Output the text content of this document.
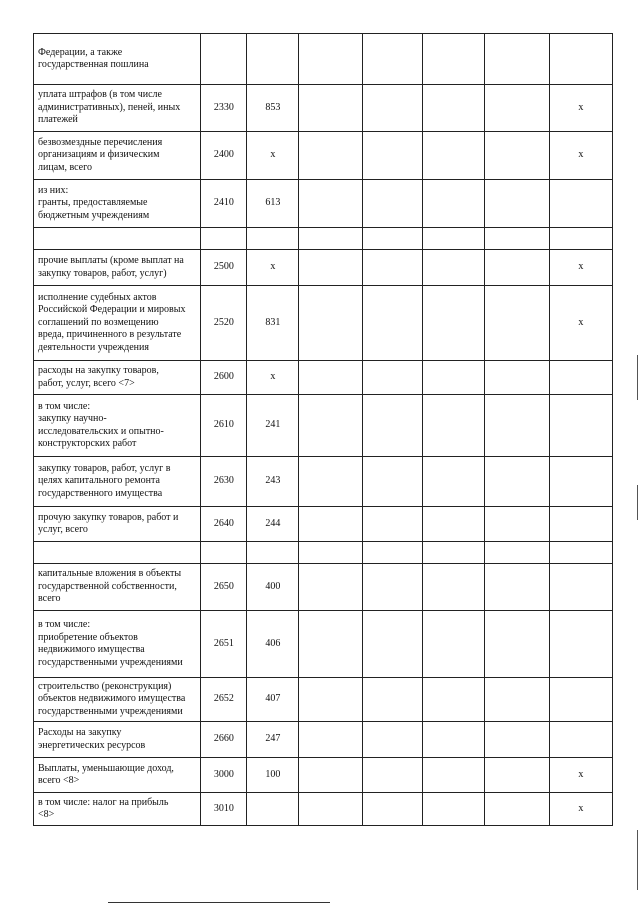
Федерации, а также
государственная пошлина							
уплата штрафов (в том числе
административных), пеней, иных
платежей	2330	853					x
безвозмездные перечисления
организациям и физическим
лицам, всего	2400	x					x
из них:
гранты, предоставляемые
бюджетным учреждениям	2410	613					

прочие выплаты (кроме выплат на
закупку товаров, работ, услуг)	2500	x					x
исполнение судебных актов
Российской Федерации и мировых
соглашений по возмещению
вреда, причиненного в результате
деятельности учреждения	2520	831					x
расходы на закупку товаров,
работ, услуг, всего <7>	2600	x					
в том числе:
закупку научно-
исследовательских и опытно-
конструкторских работ	2610	241					
закупку товаров, работ, услуг в
целях капитального ремонта
государственного имущества	2630	243					
прочую закупку товаров, работ и
услуг, всего	2640	244					

капитальные вложения в объекты
государственной собственности,
всего	2650	400					
в том числе:
приобретение объектов
недвижимого имущества
государственными учреждениями	2651	406					
строительство (реконструкция)
объектов недвижимого имущества
государственными учреждениями	2652	407					
Расходы на закупку
энергетических ресурсов	2660	247					
Выплаты, уменьшающие доход,
всего <8>	3000	100					x
в том числе: налог на прибыль
<8>	3010						x
